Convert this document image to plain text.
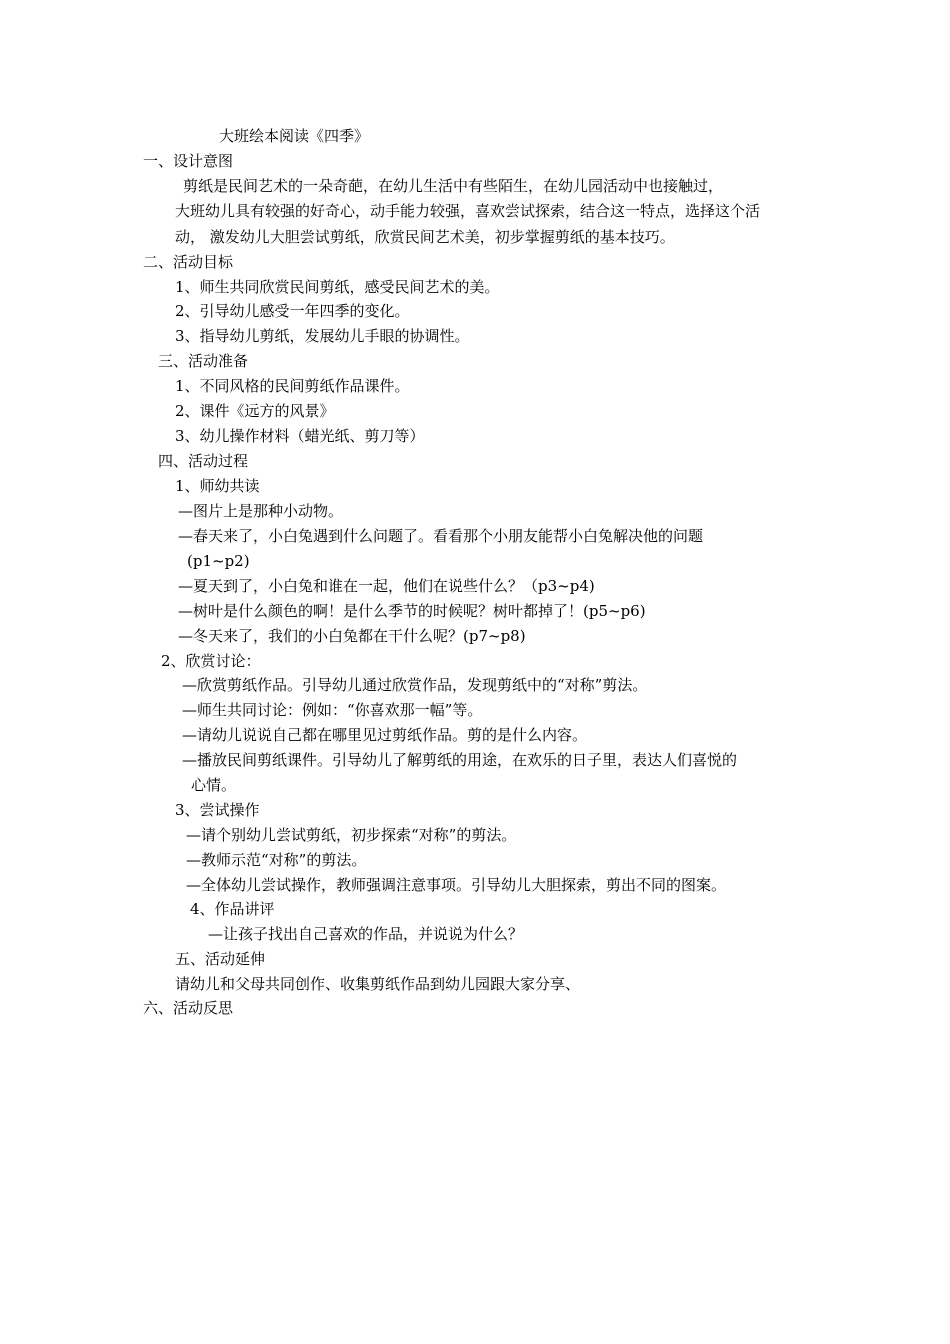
大班绘本阅读《四季》
一、设计意图
剪纸是民间艺术的一朵奇葩，在幼儿生活中有些陌生，在幼儿园活动中也接触过，
大班幼儿具有较强的好奇心，动手能力较强，喜欢尝试探索，结合这一特点，选择这个活
动， 激发幼儿大胆尝试剪纸，欣赏民间艺术美，初步掌握剪纸的基本技巧。
二、活动目标
1、师生共同欣赏民间剪纸，感受民间艺术的美。
2、引导幼儿感受一年四季的变化。
3、指导幼儿剪纸，发展幼儿手眼的协调性。
三、活动准备
1、不同风格的民间剪纸作品课件。
2、课件《远方的风景》
3、幼儿操作材料（蜡光纸、剪刀等）
四、活动过程
1、师幼共读
—图片上是那种小动物。
—春天来了，小白兔遇到什么问题了。看看那个小朋友能帮小白兔解决他的问题
(p1~p2)
—夏天到了，小白兔和谁在一起，他们在说些什么？（p3~p4)
—树叶是什么颜色的啊！是什么季节的时候呢？树叶都掉了！(p5~p6)
—冬天来了，我们的小白兔都在干什么呢？(p7~p8)
2、欣赏讨论：
—欣赏剪纸作品。引导幼儿通过欣赏作品，发现剪纸中的“对称”剪法。
—师生共同讨论：例如：“你喜欢那一幅”等。
—请幼儿说说自己都在哪里见过剪纸作品。剪的是什么内容。
—播放民间剪纸课件。引导幼儿了解剪纸的用途，在欢乐的日子里，表达人们喜悦的
心情。
3、尝试操作
—请个别幼儿尝试剪纸，初步探索“对称”的剪法。
—教师示范“对称”的剪法。
—全体幼儿尝试操作，教师强调注意事项。引导幼儿大胆探索，剪出不同的图案。
4、作品讲评
—让孩子找出自己喜欢的作品，并说说为什么？
五、活动延伸
请幼儿和父母共同创作、收集剪纸作品到幼儿园跟大家分享、
六、活动反思
